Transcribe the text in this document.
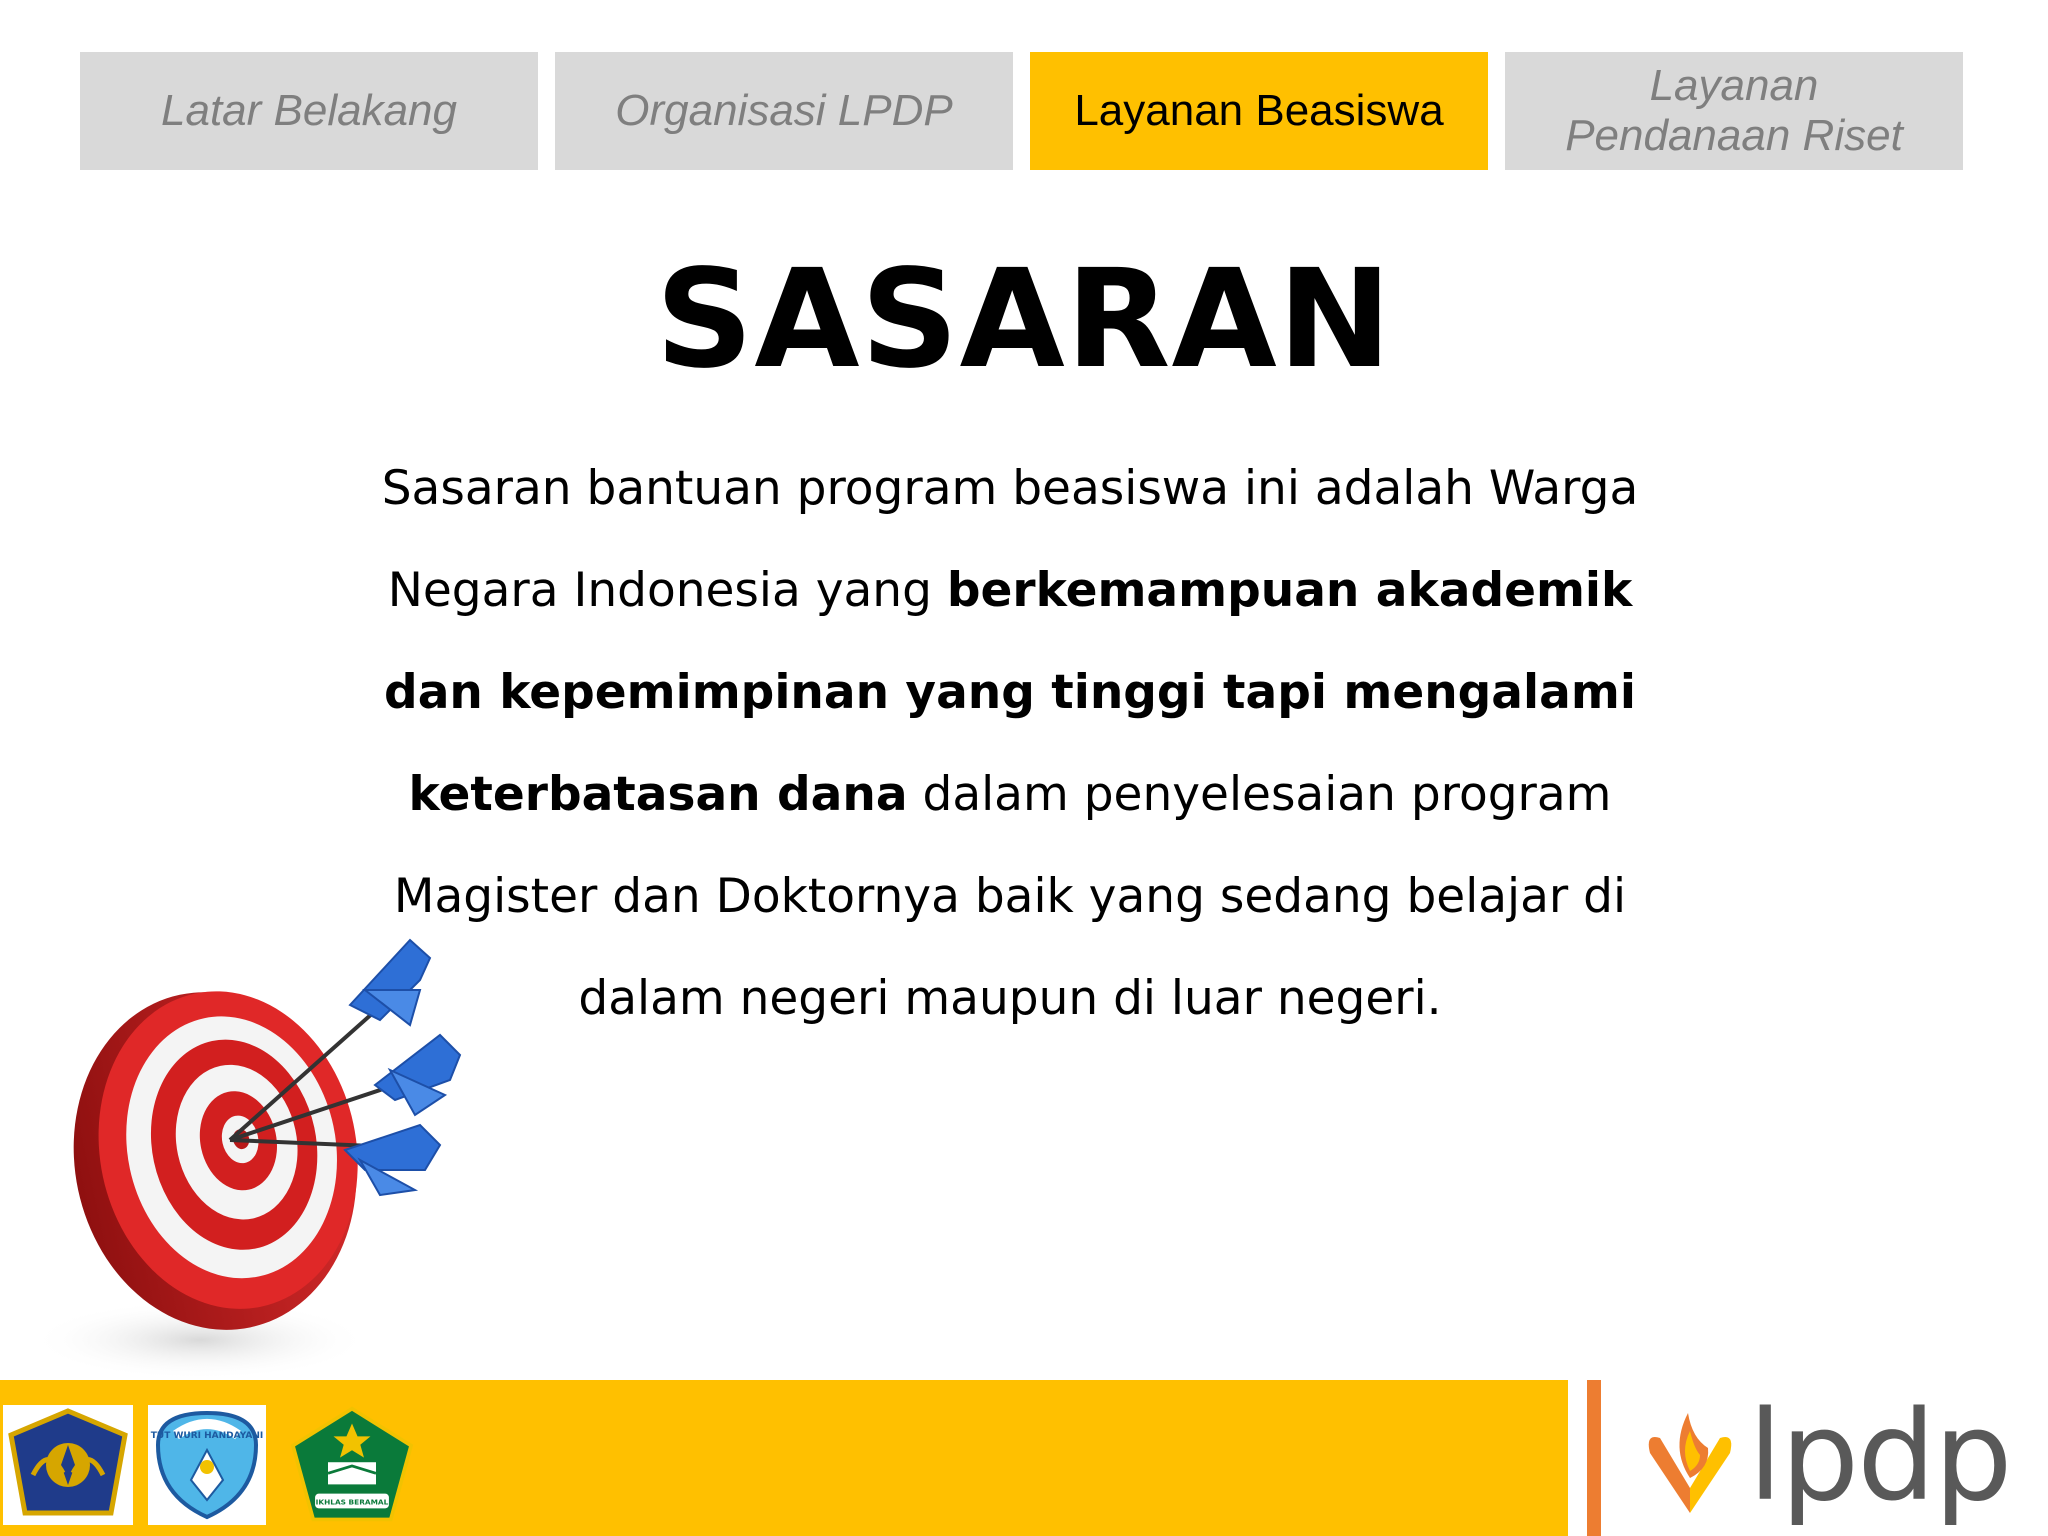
Latar Belakang	Organisasi LPDP	Layanan Beasiswa
Layanan
Pendanaan Riset
SASARAN
Sasaran bantuan program beasiswa ini adalah Warga Negara Indonesia yang berkemampuan akademik dan kepemimpinan yang tinggi tapi mengalami keterbatasan dana dalam penyelesaian program Magister dan Doktornya baik yang sedang belajar di dalam negeri maupun di luar negeri.
TUT WURI HANDAYANI
IKHLAS BERAMAL	lpdp
